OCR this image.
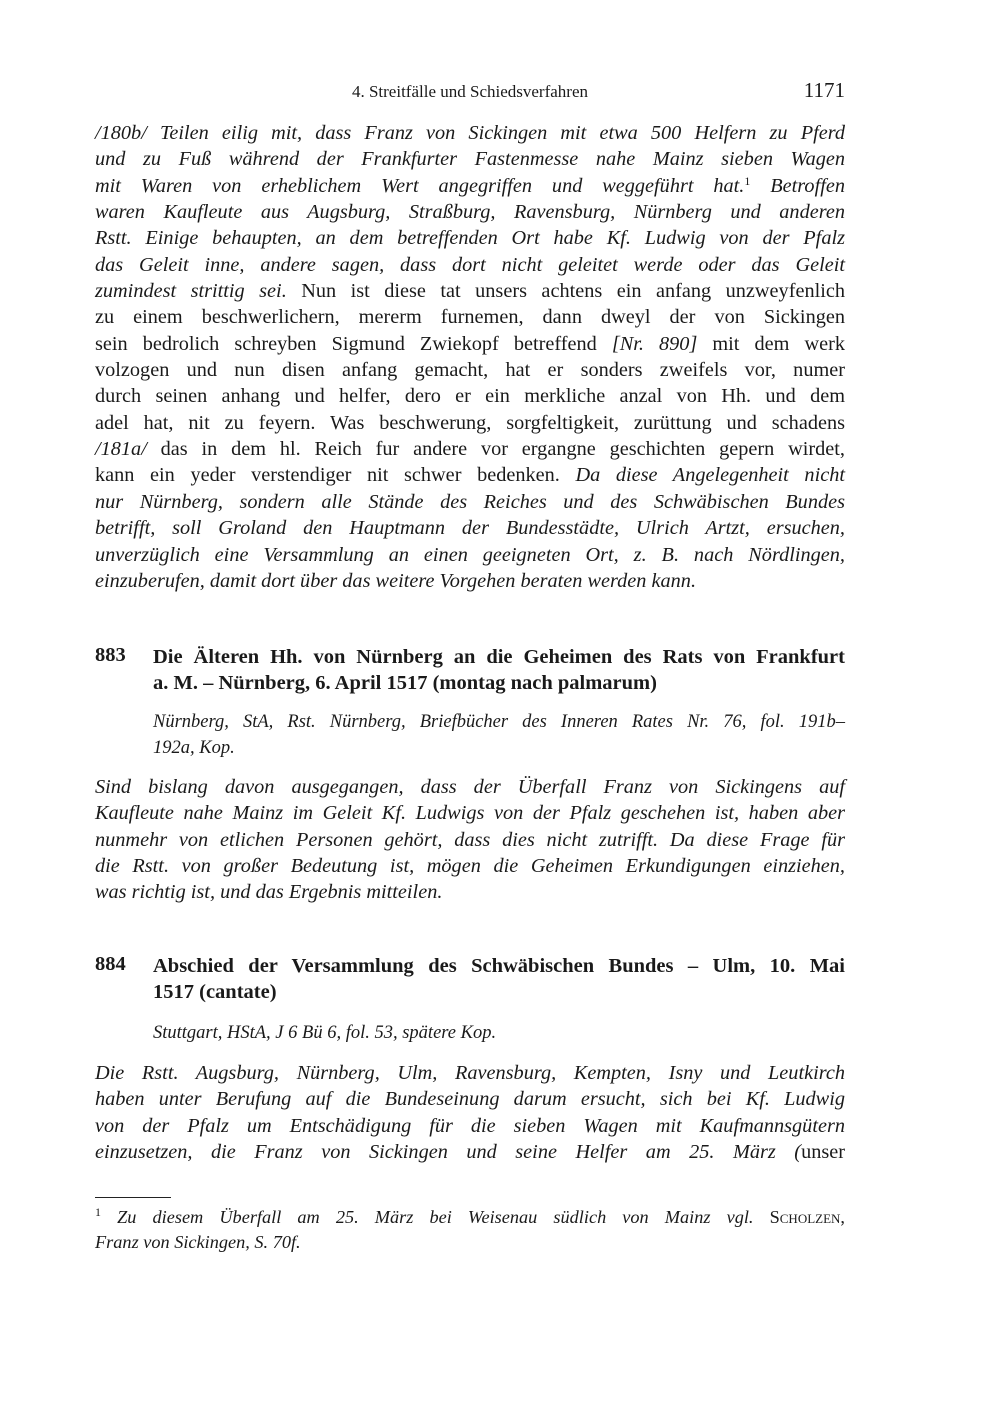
4. Streitfälle und Schiedsverfahren	1171
/180b/ Teilen eilig mit, dass Franz von Sickingen mit etwa 500 Helfern zu Pferd
und zu Fuß während der Frankfurter Fastenmesse nahe Mainz sieben Wagen
mit Waren von erheblichem Wert angegriffen und weggeführt hat.$^1$ Betroffen
waren Kaufleute aus Augsburg, Straßburg, Ravensburg, Nürnberg und anderen
Rstt. Einige behaupten, an dem betreffenden Ort habe Kf. Ludwig von der Pfalz
das Geleit inne, andere sagen, dass dort nicht geleitet werde oder das Geleit
zumindest strittig sei. Nun ist diese tat unsers achtens ein anfang unzweyfenlich
zu einem beschwerlichern, mererm furnemen, dann dweyl der von Sickingen
sein bedrolich schreyben Sigmund Zwiekopf betreffend [Nr. 890] mit dem werk
volzogen und nun disen anfang gemacht, hat er sonders zweifels vor, numer
durch seinen anhang und helfer, dero er ein merkliche anzal von Hh. und dem
adel hat, nit zu feyern. Was beschwerung, sorgfeltigkeit, zurüttung und schadens
/181a/ das in dem hl. Reich fur andere vor ergangne geschichten gepern wirdet,
kann ein yeder verstendiger nit schwer bedenken. Da diese Angelegenheit nicht
nur Nürnberg, sondern alle Stände des Reiches und des Schwäbischen Bundes
betrifft, soll Groland den Hauptmann der Bundesstädte, Ulrich Artzt, ersuchen,
unverzüglich eine Versammlung an einen geeigneten Ort, z. B. nach Nördlingen,
einzuberufen, damit dort über das weitere Vorgehen beraten werden kann.
883 Die Älteren Hh. von Nürnberg an die Geheimen des Rats von Frankfurt
a. M. – Nürnberg, 6. April 1517 (montag nach palmarum)
Nürnberg, StA, Rst. Nürnberg, Briefbücher des Inneren Rates Nr. 76, fol. 191b–
192a, Kop.
Sind bislang davon ausgegangen, dass der Überfall Franz von Sickingens auf
Kaufleute nahe Mainz im Geleit Kf. Ludwigs von der Pfalz geschehen ist, haben aber
nunmehr von etlichen Personen gehört, dass dies nicht zutrifft. Da diese Frage für
die Rstt. von großer Bedeutung ist, mögen die Geheimen Erkundigungen einziehen,
was richtig ist, und das Ergebnis mitteilen.
884 Abschied der Versammlung des Schwäbischen Bundes – Ulm, 10. Mai
1517 (cantate)
Stuttgart, HStA, J 6 Bü 6, fol. 53, spätere Kop.
Die Rstt. Augsburg, Nürnberg, Ulm, Ravensburg, Kempten, Isny und Leutkirch
haben unter Berufung auf die Bundeseinung darum ersucht, sich bei Kf. Ludwig
von der Pfalz um Entschädigung für die sieben Wagen mit Kaufmannsgütern
einzusetzen, die Franz von Sickingen und seine Helfer am 25. März (unser
$^1$ Zu diesem Überfall am 25. März bei Weisenau südlich von Mainz vgl. Scholzen,
Franz von Sickingen, S. 70f.
